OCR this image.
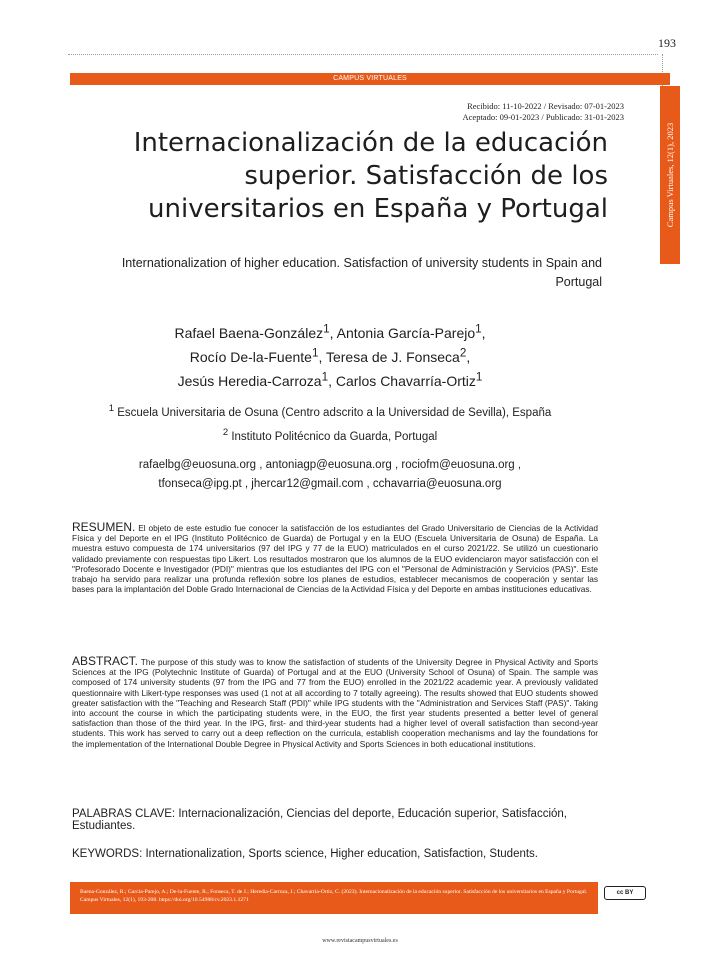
193
CAMPUS VIRTUALES
Campus Virtuales, 12(1), 2023
Recibido: 11-10-2022 / Revisado: 07-01-2023
Aceptado: 09-01-2023 / Publicado: 31-01-2023
Internacionalización de la educación superior. Satisfacción de los universitarios en España y Portugal
Internationalization of higher education. Satisfaction of university students in Spain and Portugal
Rafael Baena-González$^1$, Antonia García-Parejo$^1$,
Rocío De-la-Fuente$^1$, Teresa de J. Fonseca$^2$,
Jesús Heredia-Carroza$^1$, Carlos Chavarría-Ortiz$^1$
$^1$ Escuela Universitaria de Osuna (Centro adscrito a la Universidad de Sevilla), España
$^2$ Instituto Politécnico da Guarda, Portugal
rafaelbg@euosuna.org , antoniagp@euosuna.org , rociofm@euosuna.org ,
tfonseca@ipg.pt , jhercar12@gmail.com , cchavarria@euosuna.org

RESUMEN. El objeto de este estudio fue conocer la satisfacción de los estudiantes del Grado Universitario de Ciencias de la Actividad Física y del Deporte en el IPG (Instituto Politécnico de Guarda) de Portugal y en la EUO (Escuela Universitaria de Osuna) de España. La muestra estuvo compuesta de 174 universitarios (97 del IPG y 77 de la EUO) matriculados en el curso 2021/22. Se utilizó un cuestionario validado previamente con respuestas tipo Likert. Los resultados mostraron que los alumnos de la EUO evidenciaron mayor satisfacción con el "Profesorado Docente e Investigador (PDI)" mientras que los estudiantes del IPG con el "Personal de Administración y Servicios (PAS)". Este trabajo ha servido para realizar una profunda reflexión sobre los planes de estudios, establecer mecanismos de cooperación y sentar las bases para la implantación del Doble Grado Internacional de Ciencias de la Actividad Física y del Deporte en ambas instituciones educativas.

ABSTRACT. The purpose of this study was to know the satisfaction of students of the University Degree in Physical Activity and Sports Sciences at the IPG (Polytechnic Institute of Guarda) of Portugal and at the EUO (University School of Osuna) of Spain. The sample was composed of 174 university students (97 from the IPG and 77 from the EUO) enrolled in the 2021/22 academic year. A previously validated questionnaire with Likert-type responses was used (1 not at all according to 7 totally agreeing). The results showed that EUO students showed greater satisfaction with the "Teaching and Research Staff (PDI)" while IPG students with the "Administration and Services Staff (PAS)". Taking into account the course in which the participating students were, in the EUO, the first year students presented a better level of general satisfaction than those of the third year. In the IPG, first- and third-year students had a higher level of overall satisfaction than second-year students. This work has served to carry out a deep reflection on the curricula, establish cooperation mechanisms and lay the foundations for the implementation of the International Double Degree in Physical Activity and Sports Sciences in both educational institutions.

PALABRAS CLAVE: Internacionalización, Ciencias del deporte, Educación superior, Satisfacción, Estudiantes.

KEYWORDS: Internationalization, Sports science, Higher education, Satisfaction, Students.

Baena-González, R.; García-Parejo, A.; De-la-Fuente, R.; Fonseca, T. de J.; Heredia-Carroza, J.; Chavarría-Ortiz, C. (2023). Internacionalización de la educación superior. Satisfacción de los universitarios en España y Portugal. Campus Virtuales, 12(1), 193-208. https://doi.org/10.54988/cv.2023.1.1271
cc BY
www.revistacampusvirtuales.es
